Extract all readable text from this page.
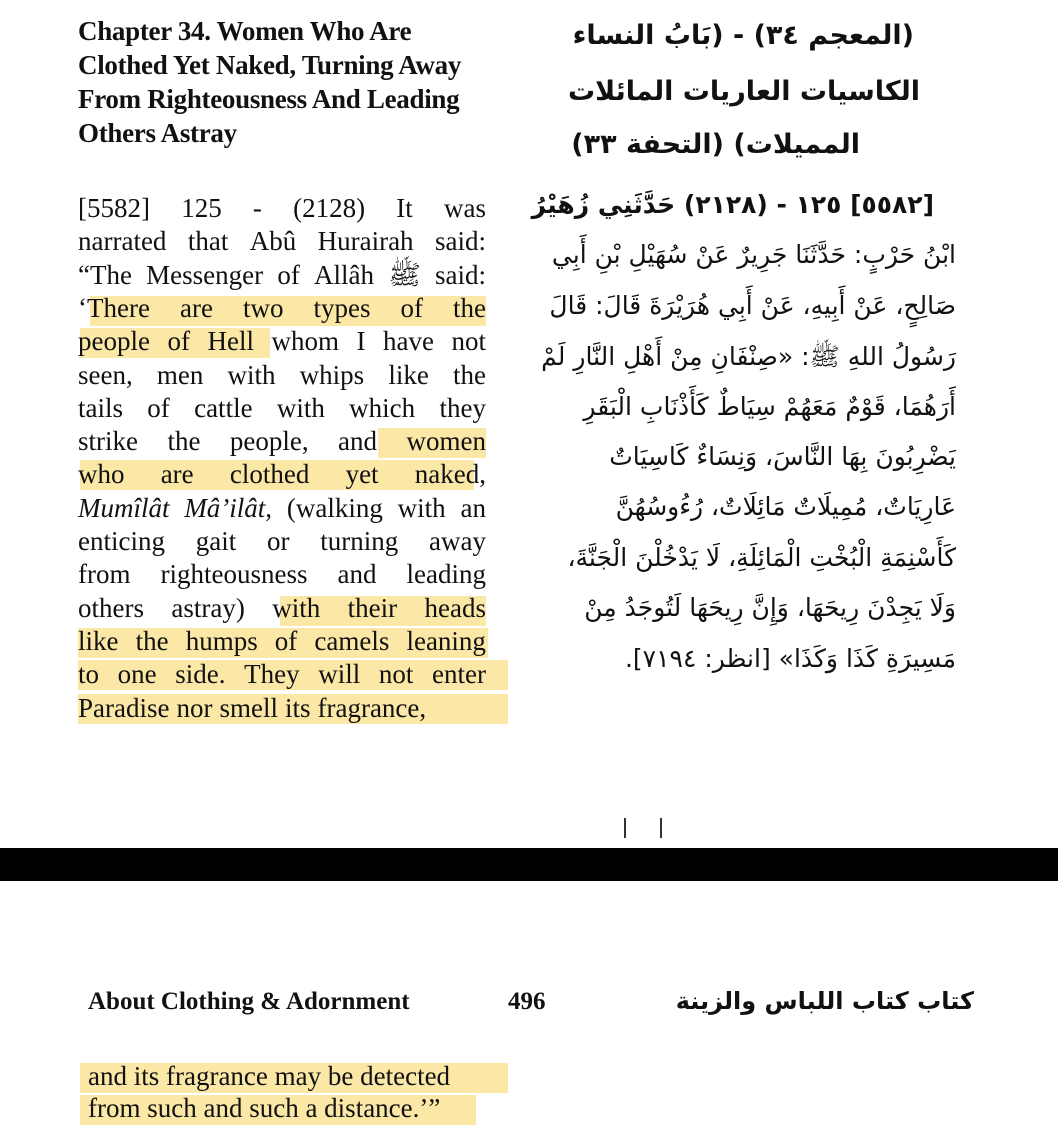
Chapter 34. Women Who Are Clothed Yet Naked, Turning Away From Righteousness And Leading Others Astray
[5582] 125 - (2128) It was
narrated that Abû Hurairah said:
“The Messenger of Allâh ﷺ said:
‘There are two types of the
people of Hell whom I have not
seen, men with whips like the
tails of cattle with which they
strike the people, and women
who are clothed yet naked,
Mumîlât Mâ’ilât, (walking with an
enticing gait or turning away
from righteousness and leading
others astray) with their heads
like the humps of camels leaning
to one side. They will not enter
Paradise nor smell its fragrance,
(المعجم ٣٤) - (بَابُ النساء
الكاسيات العاريات المائلات
المميلات) (التحفة ٣٣)
[٥٥٨٢] ١٢٥ - (٢١٢٨) حَدَّثَنِي زُهَيْرُ
ابْنُ حَرْبٍ: حَدَّثَنَا جَرِيرٌ عَنْ سُهَيْلِ بْنِ أَبِي
صَالِحٍ، عَنْ أَبِيهِ، عَنْ أَبِي هُرَيْرَةَ قَالَ: قَالَ
رَسُولُ اللهِ ﷺ: «صِنْفَانِ مِنْ أَهْلِ النَّارِ لَمْ
أَرَهُمَا، قَوْمٌ مَعَهُمْ سِيَاطٌ كَأَذْنَابِ الْبَقَرِ
يَضْرِبُونَ بِهَا النَّاسَ، وَنِسَاءٌ كَاسِيَاتٌ
عَارِيَاتٌ، مُمِيلَاتٌ مَائِلَاتٌ، رُءُوسُهُنَّ
كَأَسْنِمَةِ الْبُخْتِ الْمَائِلَةِ، لَا يَدْخُلْنَ الْجَنَّةَ،
وَلَا يَجِدْنَ رِيحَهَا، وَإِنَّ رِيحَهَا لَتُوجَدُ مِنْ
مَسِيرَةِ كَذَا وَكَذَا» [انظر: ٧١٩٤].
About Clothing & Adornment	496	كتاب كتاب اللباس والزينة
and its fragrance may be detected
from such and such a distance.’”
